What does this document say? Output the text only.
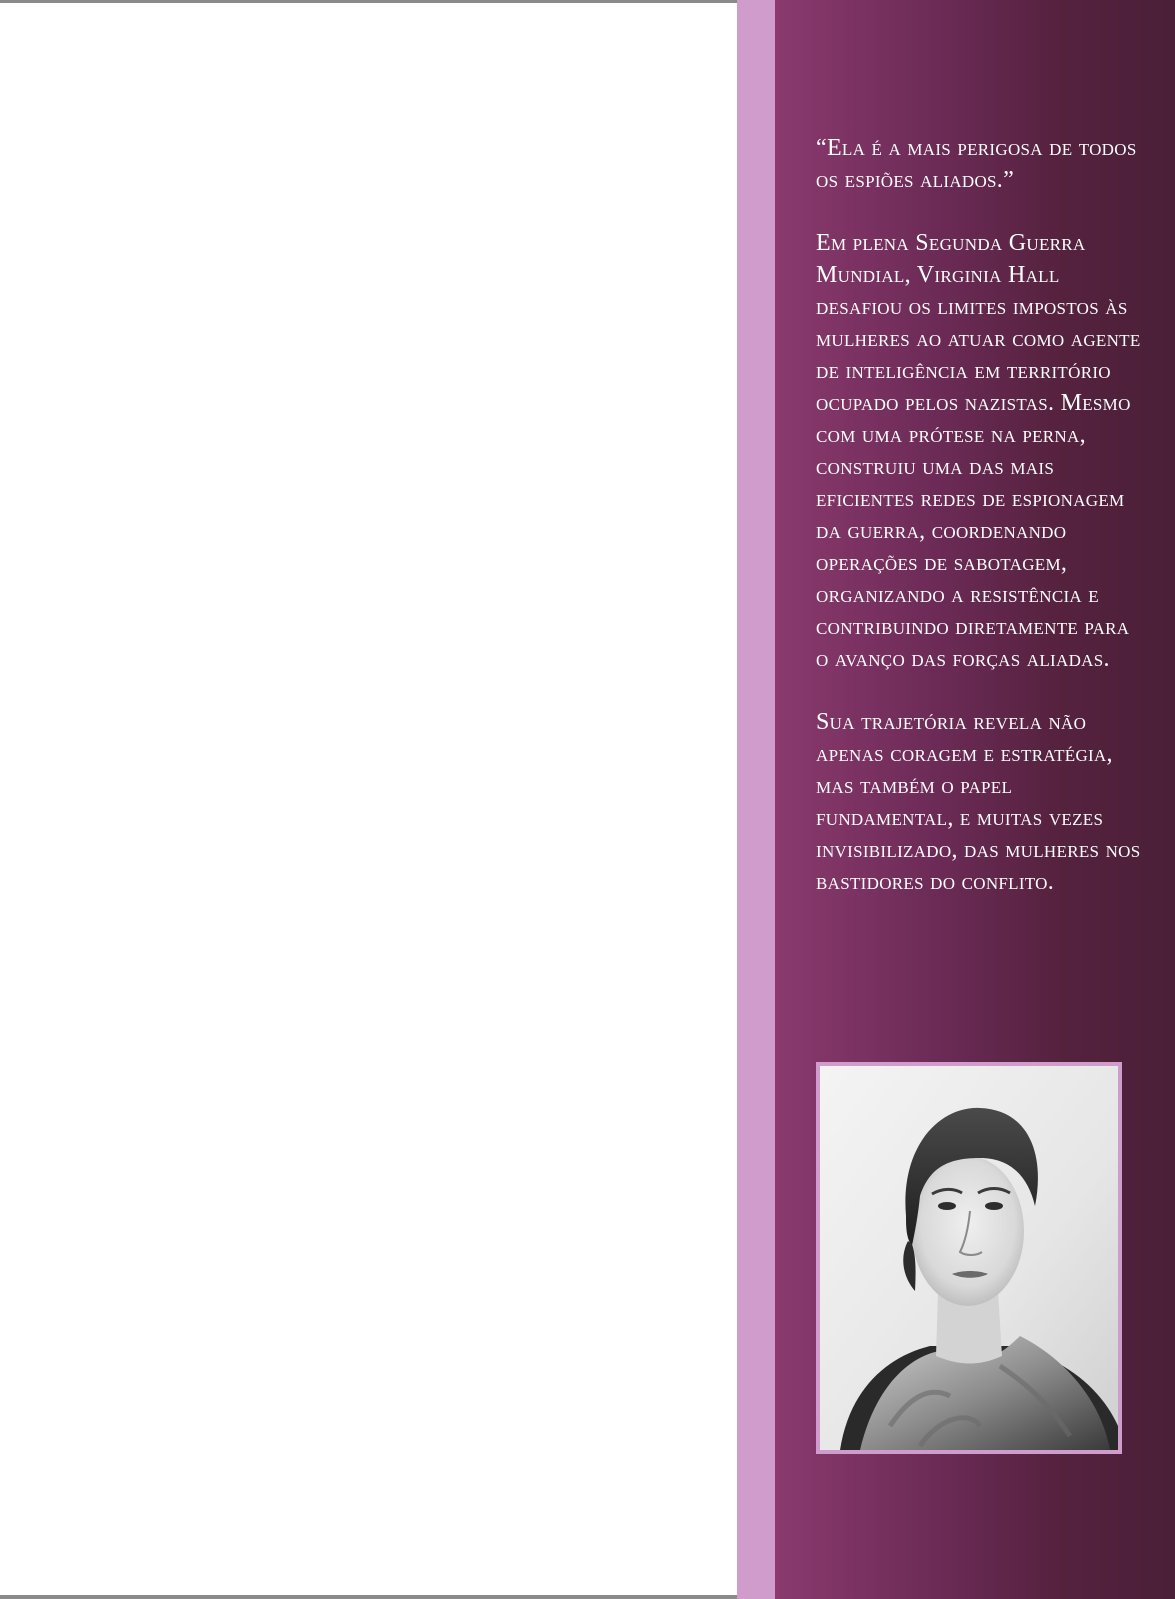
“Ela é a mais perigosa de todos os espiões aliados.”

Em plena Segunda Guerra Mundial, Virginia Hall desafiou os limites impostos às mulheres ao atuar como agente de inteligência em território ocupado pelos nazistas. Mesmo com uma prótese na perna, construiu uma das mais eficientes redes de espionagem da guerra, coordenando operações de sabotagem, organizando a resistência e contribuindo diretamente para o avanço das forças aliadas.

Sua trajetória revela não apenas coragem e estratégia, mas também o papel fundamental, e muitas vezes invisibilizado, das mulheres nos bastidores do conflito.
